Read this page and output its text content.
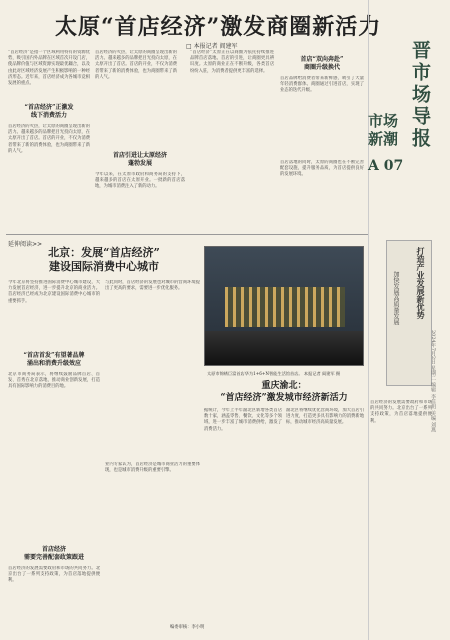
太原“首店经济”激发商圈新活力
□ 本报记者 阎建军
“首店经济”是指一个区域利用特有的资源优势，吸引国内外品牌在区域首次开设门店，使品牌价值与区域资源实现最优耦合，以及由此对区域经济发展产生积极影响的一种经济形态。近年来，首店经济成为各城市竞相发展的重点。
“首店经济”正激发
线下消费活力
首店经济的火热，让太原的商圈呈现出新的活力。越来越多的品牌把目光投向太原，在太原开出了首店。首店的开业，不仅为消费者带来了新的消费体验，也为商圈带来了新的人气。
首店经济的火热，让太原的商圈呈现出新的活力。越来越多的品牌把目光投向太原，在太原开出了首店。首店的开业，不仅为消费者带来了新的消费体验，也为商圈带来了新的人气。
首店引进让太原经济
蓬勃发展
今年以来，在太原市政府和商务局的支持下，越来越多的首店在太原开业。一批新的首店落地，为城市消费注入了新的动力。
“首店经济”太原正在以商圈为依托持续推进品牌首店落地。首店的引进，让商圈更具辨识度。太原的商业正在不断升级，各类首店纷纷入驻，为消费者提供更丰富的选择。
首店“双向奔赴”
商圈升级换代
首店品牌给消费者带来新鲜感，吸引了大量年轻消费群体。商圈通过引进首店，实现了业态的迭代升级。
首店落地的同时，太原的商圈也在不断完善配套设施，提升服务品质，为首店提供良好的发展环境。
晋市场导报
市场新潮
A 07
打造产业发展新优势
加快发展高质量发展
2024年7月2日 星期二 编辑 李佳玥 美编 刘燕
延伸阅读>>
北京：发展“首店经济”
建设国际消费中心城市
今年北京将坚持推进国际消费中心城市建设，大力发展首店经济，进一步提升北京的商业活力。首店经济已经成为北京建设国际消费中心城市的重要抓手。
“首店首发”有望著品牌
涌出和消费升级效应
北京市商务局表示，将继续鼓励品牌首店、首发、首秀在北京落地，推动商业创新发展，打造具有国际影响力的消费目的地。
首店经济
需要完善配套政策跟进
首店经济的发展需要政府和市场的共同努力。北京出台了一系列支持政策，为首店落地提供便利。
与此同时，首店经济的发展也对城市的营商环境提出了更高的要求，需要进一步优化服务。
业内专家认为，首店经济是城市商业活力的重要体现，也是城市消费升级的重要引擎。
太原市锦绣巨富首店华为1+6+N智能生活馆首店。 本报记者 阎建军 摄
重庆渝北：
“首店经济”激发城市经济新活力
据统计，今年上半年渝北区新增各类首店数十家，涵盖零售、餐饮、文化等多个领域，进一步丰富了城市消费供给，激发了消费活力。
渝北区将继续优化营商环境，加大首店引进力度，打造更多具有影响力的消费新地标，推动城市经济高质量发展。
首店经济的发展需要政府和市场的共同努力。北京出台了一系列支持政策，为首店落地提供便利。
编委审核：李小明
